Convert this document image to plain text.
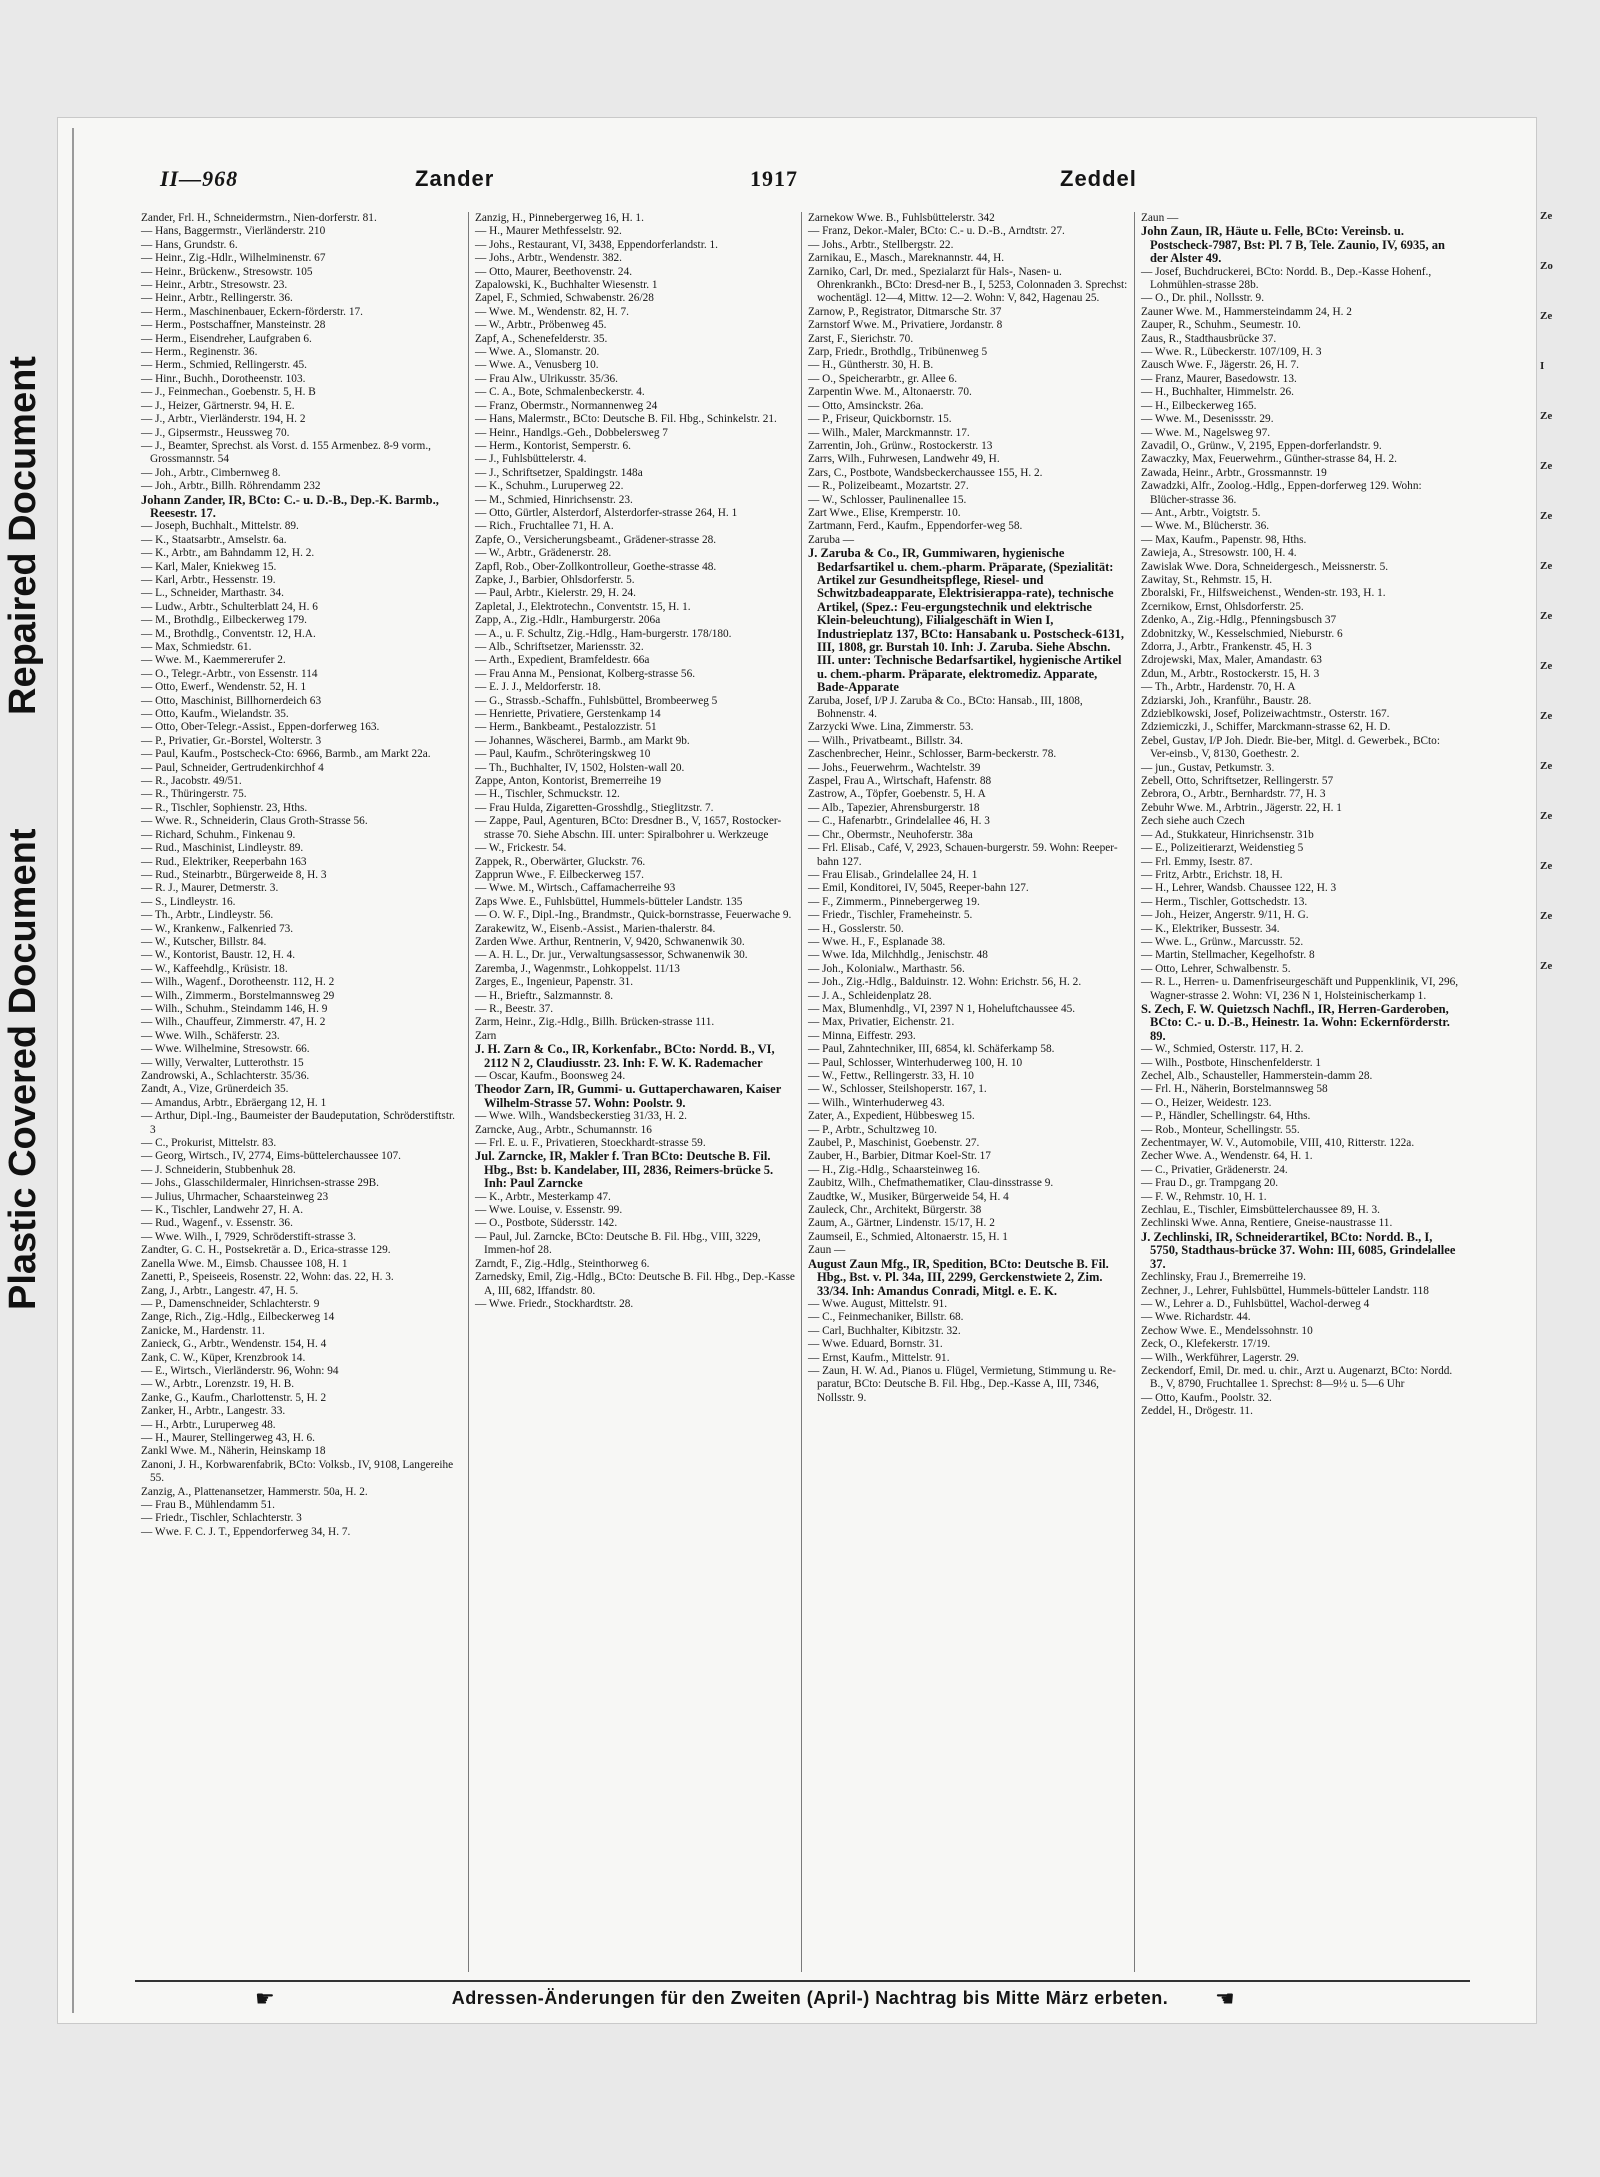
Repaired Document
Plastic Covered Document
II—968	Zander	1917	Zeddel

Zander, Frl. H., Schneidermstrn., Nien-dorferstr. 81.

— Hans, Baggermstr., Vierländerstr. 210

— Hans, Grundstr. 6.

— Heinr., Zig.-Hdlr., Wilhelminenstr. 67

— Heinr., Brückenw., Stresowstr. 105

— Heinr., Arbtr., Stresowstr. 23.

— Heinr., Arbtr., Rellingerstr. 36.

— Herm., Maschinenbauer, Eckern-förderstr. 17.

— Herm., Postschaffner, Mansteinstr. 28

— Herm., Eisendreher, Laufgraben 6.

— Herm., Reginenstr. 36.

— Herm., Schmied, Rellingerstr. 45.

— Hinr., Buchh., Dorotheenstr. 103.

— J., Feinmechan., Goebenstr. 5, H. B

— J., Heizer, Gärtnerstr. 94, H. E.

— J., Arbtr., Vierländerstr. 194, H. 2

— J., Gipsermstr., Heussweg 70.

— J., Beamter, Sprechst. als Vorst. d. 155 Armenbez. 8-9 vorm., Grossmannstr. 54

— Joh., Arbtr., Cimbernweg 8.

— Joh., Arbtr., Billh. Röhrendamm 232

Johann Zander, IR, BCto: C.- u. D.-B., Dep.-K. Barmb., Reesestr. 17.

— Joseph, Buchhalt., Mittelstr. 89.

— K., Staatsarbtr., Amselstr. 6a.

— K., Arbtr., am Bahndamm 12, H. 2.

— Karl, Maler, Kniekweg 15.

— Karl, Arbtr., Hessenstr. 19.

— L., Schneider, Marthastr. 34.

— Ludw., Arbtr., Schulterblatt 24, H. 6

— M., Brothdlg., Eilbeckerweg 179.

— M., Brothdlg., Conventstr. 12, H.A.

— Max, Schmiedstr. 61.

— Wwe. M., Kaemmererufer 2.

— O., Telegr.-Arbtr., von Essenstr. 114

— Otto, Ewerf., Wendenstr. 52, H. 1

— Otto, Maschinist, Billhornerdeich 63

— Otto, Kaufm., Wielandstr. 35.

— Otto, Ober-Telegr.-Assist., Eppen-dorferweg 163.

— P., Privatier, Gr.-Borstel, Wolterstr. 3

— Paul, Kaufm., Postscheck-Cto: 6966, Barmb., am Markt 22a.

— Paul, Schneider, Gertrudenkirchhof 4

— R., Jacobstr. 49/51.

— R., Thüringerstr. 75.

— R., Tischler, Sophienstr. 23, Hths.

— Wwe. R., Schneiderin, Claus Groth-Strasse 56.

— Richard, Schuhm., Finkenau 9.

— Rud., Maschinist, Lindleystr. 89.

— Rud., Elektriker, Reeperbahn 163

— Rud., Steinarbtr., Bürgerweide 8, H. 3

— R. J., Maurer, Detmerstr. 3.

— S., Lindleystr. 16.

— Th., Arbtr., Lindleystr. 56.

— W., Krankenw., Falkenried 73.

— W., Kutscher, Billstr. 84.

— W., Kontorist, Baustr. 12, H. 4.

— W., Kaffeehdlg., Krüsistr. 18.

— Wilh., Wagenf., Dorotheenstr. 112, H. 2

— Wilh., Zimmerm., Borstelmannsweg 29

— Wilh., Schuhm., Steindamm 146, H. 9

— Wilh., Chauffeur, Zimmerstr. 47, H. 2

— Wwe. Wilh., Schäferstr. 23.

— Wwe. Wilhelmine, Stresowstr. 66.

— Willy, Verwalter, Lutterothstr. 15

Zandrowski, A., Schlachterstr. 35/36.

Zandt, A., Vize, Grünerdeich 35.

— Amandus, Arbtr., Ebräergang 12, H. 1

— Arthur, Dipl.-Ing., Baumeister der Baudeputation, Schröderstiftstr. 3

— C., Prokurist, Mittelstr. 83.

— Georg, Wirtsch., IV, 2774, Eims-büttelerchaussee 107.

— J. Schneiderin, Stubbenhuk 28.

— Johs., Glasschildermaler, Hinrichsen-strasse 29B.

— Julius, Uhrmacher, Schaarsteinweg 23

— K., Tischler, Landwehr 27, H. A.

— Rud., Wagenf., v. Essenstr. 36.

— Wwe. Wilh., I, 7929, Schröderstift-strasse 3.

Zandter, G. C. H., Postsekretär a. D., Erica-strasse 129.

Zanella Wwe. M., Eimsb. Chaussee 108, H. 1

Zanetti, P., Speiseeis, Rosenstr. 22, Wohn: das. 22, H. 3.

Zang, J., Arbtr., Langestr. 47, H. 5.

— P., Damenschneider, Schlachterstr. 9

Zange, Rich., Zig.-Hdlg., Eilbeckerweg 14

Zanicke, M., Hardenstr. 11.

Zanieck, G., Arbtr., Wendenstr. 154, H. 4

Zank, C. W., Küper, Krenzbrook 14.

— E., Wirtsch., Vierländerstr. 96, Wohn: 94

— W., Arbtr., Lorenzstr. 19, H. B.

Zanke, G., Kaufm., Charlottenstr. 5, H. 2

Zanker, H., Arbtr., Langestr. 33.

— H., Arbtr., Luruperweg 48.

— H., Maurer, Stellingerweg 43, H. 6.

Zankl Wwe. M., Näherin, Heinskamp 18

Zanoni, J. H., Korbwarenfabrik, BCto: Volksb., IV, 9108, Langereihe 55.

Zanzig, A., Plattenansetzer, Hammerstr. 50a, H. 2.

— Frau B., Mühlendamm 51.

— Friedr., Tischler, Schlachterstr. 3

— Wwe. F. C. J. T., Eppendorferweg 34, H. 7.

Zanzig, H., Pinnebergerweg 16, H. 1.

— H., Maurer Methfesselstr. 92.

— Johs., Restaurant, VI, 3438, Eppendorferlandstr. 1.

— Johs., Arbtr., Wendenstr. 382.

— Otto, Maurer, Beethovenstr. 24.

Zapalowski, K., Buchhalter Wiesenstr. 1

Zapel, F., Schmied, Schwabenstr. 26/28

— Wwe. M., Wendenstr. 82, H. 7.

— W., Arbtr., Pröbenweg 45.

Zapf, A., Schenefelderstr. 35.

— Wwe. A., Slomanstr. 20.

— Wwe. A., Venusberg 10.

— Frau Alw., Ulrikusstr. 35/36.

— C. A., Bote, Schmalenbeckerstr. 4.

— Franz, Obermstr., Normannenweg 24

— Hans, Malermstr., BCto: Deutsche B. Fil. Hbg., Schinkelstr. 21.

— Heinr., Handlgs.-Geh., Dobbelersweg 7

— Herm., Kontorist, Semperstr. 6.

— J., Fuhlsbüttelerstr. 4.

— J., Schriftsetzer, Spaldingstr. 148a

— K., Schuhm., Luruperweg 22.

— M., Schmied, Hinrichsenstr. 23.

— Otto, Gürtler, Alsterdorf, Alsterdorfer-strasse 264, H. 1

— Rich., Fruchtallee 71, H. A.

Zapfe, O., Versicherungsbeamt., Grädener-strasse 28.

— W., Arbtr., Grädenerstr. 28.

Zapfl, Rob., Ober-Zollkontrolleur, Goethe-strasse 48.

Zapke, J., Barbier, Ohlsdorferstr. 5.

— Paul, Arbtr., Kielerstr. 29, H. 24.

Zapletal, J., Elektrotechn., Conventstr. 15, H. 1.

Zapp, A., Zig.-Hdlr., Hamburgerstr. 206a

— A., u. F. Schultz, Zig.-Hdlg., Ham-burgerstr. 178/180.

— Alb., Schriftsetzer, Mariensstr. 32.

— Arth., Expedient, Bramfeldestr. 66a

— Frau Anna M., Pensionat, Kolberg-strasse 56.

— E. J. J., Meldorferstr. 18.

— G., Strassb.-Schaffn., Fuhlsbüttel, Brombeerweg 5

— Henriette, Privatiere, Gerstenkamp 14

— Herm., Bankbeamt., Pestalozzistr. 51

— Johannes, Wäscherei, Barmb., am Markt 9b.

— Paul, Kaufm., Schröteringskweg 10

— Th., Buchhalter, IV, 1502, Holsten-wall 20.

Zappe, Anton, Kontorist, Bremerreihe 19

— H., Tischler, Schmuckstr. 12.

— Frau Hulda, Zigaretten-Grosshdlg., Stieglitzstr. 7.

— Zappe, Paul, Agenturen, BCto: Dresdner B., V, 1657, Rostocker-strasse 70. Siehe Abschn. III. unter: Spiralbohrer u. Werkzeuge

— W., Frickestr. 54.

Zappek, R., Oberwärter, Gluckstr. 76.

Zapprun Wwe., F. Eilbeckerweg 157.

— Wwe. M., Wirtsch., Caffamacherreihe 93

Zaps Wwe. E., Fuhlsbüttel, Hummels-bütteler Landstr. 135

— O. W. F., Dipl.-Ing., Brandmstr., Quick-bornstrasse, Feuerwache 9.

Zarakewitz, W., Eisenb.-Assist., Marien-thalerstr. 84.

Zarden Wwe. Arthur, Rentnerin, V, 9420, Schwanenwik 30.

— A. H. L., Dr. jur., Verwaltungsassessor, Schwanenwik 30.

Zaremba, J., Wagenmstr., Lohkoppelst. 11/13

Zarges, E., Ingenieur, Papenstr. 31.

— H., Brieftr., Salzmannstr. 8.

— R., Beestr. 37.

Zarm, Heinr., Zig.-Hdlg., Billh. Brücken-strasse 111.

Zarn

J. H. Zarn & Co., IR, Korkenfabr., BCto: Nordd. B., VI, 2112 N 2, Claudiusstr. 23. Inh: F. W. K. Rademacher

— Oscar, Kaufm., Boonsweg 24.

Theodor Zarn, IR, Gummi- u. Guttaperchawaren, Kaiser Wilhelm-Strasse 57. Wohn: Poolstr. 9.

— Wwe. Wilh., Wandsbeckerstieg 31/33, H. 2.

Zarncke, Aug., Arbtr., Schumannstr. 16

— Frl. E. u. F., Privatieren, Stoeckhardt-strasse 59.

Jul. Zarncke, IR, Makler f. Tran BCto: Deutsche B. Fil. Hbg., Bst: b. Kandelaber, III, 2836, Reimers-brücke 5. Inh: Paul Zarncke

— K., Arbtr., Mesterkamp 47.

— Wwe. Louise, v. Essenstr. 99.

— O., Postbote, Südersstr. 142.

— Paul, Jul. Zarncke, BCto: Deutsche B. Fil. Hbg., VIII, 3229, Immen-hof 28.

Zarndt, F., Zig.-Hdlg., Steinthorweg 6.

Zarnedsky, Emil, Zig.-Hdlg., BCto: Deutsche B. Fil. Hbg., Dep.-Kasse A, III, 682, Iffandstr. 80.

— Wwe. Friedr., Stockhardtstr. 28.

Zarnekow Wwe. B., Fuhlsbüttelerstr. 342

— Franz, Dekor.-Maler, BCto: C.- u. D.-B., Arndtstr. 27.

— Johs., Arbtr., Stellbergstr. 22.

Zarnikau, E., Masch., Mareknannstr. 44, H.

Zarniko, Carl, Dr. med., Spezialarzt für Hals-, Nasen- u. Ohrenkrankh., BCto: Dresd-ner B., I, 5253, Colonnaden 3. Sprechst: wochentägl. 12—4, Mittw. 12—2. Wohn: V, 842, Hagenau 25.

Zarnow, P., Registrator, Ditmarsche Str. 37

Zarnstorf Wwe. M., Privatiere, Jordanstr. 8

Zarst, F., Sierichstr. 70.

Zarp, Friedr., Brothdlg., Tribünenweg 5

— H., Güntherstr. 30, H. B.

— O., Speicherarbtr., gr. Allee 6.

Zarpentin Wwe. M., Altonaerstr. 70.

— Otto, Amsinckstr. 26a.

— P., Friseur, Quickbornstr. 15.

— Wilh., Maler, Marckmannstr. 17.

Zarrentin, Joh., Grünw., Rostockerstr. 13

Zarrs, Wilh., Fuhrwesen, Landwehr 49, H.

Zars, C., Postbote, Wandsbeckerchaussee 155, H. 2.

— R., Polizeibeamt., Mozartstr. 27.

— W., Schlosser, Paulinenallee 15.

Zart Wwe., Elise, Kremperstr. 10.

Zartmann, Ferd., Kaufm., Eppendorfer-weg 58.

Zaruba —

J. Zaruba & Co., IR, Gummiwaren, hygienische Bedarfsartikel u. chem.-pharm. Präparate, (Spezialität: Artikel zur Gesundheitspflege, Riesel- und Schwitzbadeapparate, Elektrisierappa-rate), technische Artikel, (Spez.: Feu-ergungstechnik und elektrische Klein-beleuchtung), Filialgeschäft in Wien I, Industrieplatz 137, BCto: Hansabank u. Postscheck-6131, III, 1808, gr. Burstah 10. Inh: J. Zaruba. Siehe Abschn. III. unter: Technische Bedarfsartikel, hygienische Artikel u. chem.-pharm. Präparate, elektromediz. Apparate, Bade-Apparate

Zaruba, Josef, I/P J. Zaruba & Co., BCto: Hansab., III, 1808, Bohnenstr. 4.

Zarzycki Wwe. Lina, Zimmerstr. 53.

— Wilh., Privatbeamt., Billstr. 34.

Zaschenbrecher, Heinr., Schlosser, Barm-beckerstr. 78.

— Johs., Feuerwehrm., Wachtelstr. 39

Zaspel, Frau A., Wirtschaft, Hafenstr. 88

Zastrow, A., Töpfer, Goebenstr. 5, H. A

— Alb., Tapezier, Ahrensburgerstr. 18

— C., Hafenarbtr., Grindelallee 46, H. 3

— Chr., Obermstr., Neuhoferstr. 38a

— Frl. Elisab., Café, V, 2923, Schauen-burgerstr. 59. Wohn: Reeper-bahn 127.

— Frau Elisab., Grindelallee 24, H. 1

— Emil, Konditorei, IV, 5045, Reeper-bahn 127.

— F., Zimmerm., Pinnebergerweg 19.

— Friedr., Tischler, Frameheinstr. 5.

— H., Gosslerstr. 50.

— Wwe. H., F., Esplanade 38.

— Wwe. Ida, Milchhdlg., Jenischstr. 48

— Joh., Kolonialw., Marthastr. 56.

— Joh., Zig.-Hdlg., Balduinstr. 12. Wohn: Erichstr. 56, H. 2.

— J. A., Schleidenplatz 28.

— Max, Blumenhdlg., VI, 2397 N 1, Hoheluftchaussee 45.

— Max, Privatier, Eichenstr. 21.

— Minna, Eiffestr. 293.

— Paul, Zahntechniker, III, 6854, kl. Schäferkamp 58.

— Paul, Schlosser, Winterhuderweg 100, H. 10

— W., Fettw., Rellingerstr. 33, H. 10

— W., Schlosser, Steilshoperstr. 167, 1.

— Wilh., Winterhuderweg 43.

Zater, A., Expedient, Hübbesweg 15.

— P., Arbtr., Schultzweg 10.

Zaubel, P., Maschinist, Goebenstr. 27.

Zauber, H., Barbier, Ditmar Koel-Str. 17

— H., Zig.-Hdlg., Schaarsteinweg 16.

Zaubitz, Wilh., Chefmathematiker, Clau-dinsstrasse 9.

Zaudtke, W., Musiker, Bürgerweide 54, H. 4

Zauleck, Chr., Architekt, Bürgerstr. 38

Zaum, A., Gärtner, Lindenstr. 15/17, H. 2

Zaumseil, E., Schmied, Altonaerstr. 15, H. 1

Zaun —

August Zaun Mfg., IR, Spedition, BCto: Deutsche B. Fil. Hbg., Bst. v. Pl. 34a, III, 2299, Gerckenstwiete 2, Zim. 33/34. Inh: Amandus Conradi, Mitgl. e. E. K.

— Wwe. August, Mittelstr. 91.

— C., Feinmechaniker, Billstr. 68.

— Carl, Buchhalter, Kibitzstr. 32.

— Wwe. Eduard, Bornstr. 31.

— Ernst, Kaufm., Mittelstr. 91.

— Zaun, H. W. Ad., Pianos u. Flügel, Vermietung, Stimmung u. Re-paratur, BCto: Deutsche B. Fil. Hbg., Dep.-Kasse A, III, 7346, Nollsstr. 9.

Zaun —

John Zaun, IR, Häute u. Felle, BCto: Vereinsb. u. Postscheck-7987, Bst: Pl. 7 B, Tele. Zaunio, IV, 6935, an der Alster 49.

— Josef, Buchdruckerei, BCto: Nordd. B., Dep.-Kasse Hohenf., Lohmühlen-strasse 28b.

— O., Dr. phil., Nollsstr. 9.

Zauner Wwe. M., Hammersteindamm 24, H. 2

Zauper, R., Schuhm., Seumestr. 10.

Zaus, R., Stadthausbrücke 37.

— Wwe. R., Lübeckerstr. 107/109, H. 3

Zausch Wwe. F., Jägerstr. 26, H. 7.

— Franz, Maurer, Basedowstr. 13.

— H., Buchhalter, Himmelstr. 26.

— H., Eilbeckerweg 165.

— Wwe. M., Desenissstr. 29.

— Wwe. M., Nagelsweg 97.

Zavadil, O., Grünw., V, 2195, Eppen-dorferlandstr. 9.

Zawaczky, Max, Feuerwehrm., Günther-strasse 84, H. 2.

Zawada, Heinr., Arbtr., Grossmannstr. 19

Zawadzki, Alfr., Zoolog.-Hdlg., Eppen-dorferweg 129. Wohn: Blücher-strasse 36.

— Ant., Arbtr., Voigtstr. 5.

— Wwe. M., Blücherstr. 36.

— Max, Kaufm., Papenstr. 98, Hths.

Zawieja, A., Stresowstr. 100, H. 4.

Zawislak Wwe. Dora, Schneidergesch., Meissnerstr. 5.

Zawitay, St., Rehmstr. 15, H.

Zboralski, Fr., Hilfsweichenst., Wenden-str. 193, H. 1.

Zcernikow, Ernst, Ohlsdorferstr. 25.

Zdenko, A., Zig.-Hdlg., Pfenningsbusch 37

Zdobnitzky, W., Kesselschmied, Nieburstr. 6

Zdorra, J., Arbtr., Frankenstr. 45, H. 3

Zdrojewski, Max, Maler, Amandastr. 63

Zdun, M., Arbtr., Rostockerstr. 15, H. 3

— Th., Arbtr., Hardenstr. 70, H. A

Zdziarski, Joh., Kranführ., Baustr. 28.

Zdzieblkowski, Josef, Polizeiwachtmstr., Osterstr. 167.

Zdziemiczki, J., Schiffer, Marckmann-strasse 62, H. D.

Zebel, Gustav, I/P Joh. Diedr. Bie-ber, Mitgl. d. Gewerbek., BCto: Ver-einsb., V, 8130, Goethestr. 2.

— jun., Gustav, Petkumstr. 3.

Zebell, Otto, Schriftsetzer, Rellingerstr. 57

Zebrora, O., Arbtr., Bernhardstr. 77, H. 3

Zebuhr Wwe. M., Arbtrin., Jägerstr. 22, H. 1

Zech siehe auch Czech

— Ad., Stukkateur, Hinrichsenstr. 31b

— E., Polizeitierarzt, Weidenstieg 5

— Frl. Emmy, Isestr. 87.

— Fritz, Arbtr., Erichstr. 18, H.

— H., Lehrer, Wandsb. Chaussee 122, H. 3

— Herm., Tischler, Gottschedstr. 13.

— Joh., Heizer, Angerstr. 9/11, H. G.

— K., Elektriker, Bussestr. 34.

— Wwe. L., Grünw., Marcusstr. 52.

— Martin, Stellmacher, Kegelhofstr. 8

— Otto, Lehrer, Schwalbenstr. 5.

— R. L., Herren- u. Damenfriseurgeschäft und Puppenklinik, VI, 296, Wagner-strasse 2. Wohn: VI, 236 N 1, Holsteinischerkamp 1.

S. Zech, F. W. Quietzsch Nachfl., IR, Herren-Garderoben, BCto: C.- u. D.-B., Heinestr. 1a. Wohn: Eckernförderstr. 89.

— W., Schmied, Osterstr. 117, H. 2.

— Wilh., Postbote, Hinschenfelderstr. 1

Zechel, Alb., Schausteller, Hammerstein-damm 28.

— Frl. H., Näherin, Borstelmannsweg 58

— O., Heizer, Weidestr. 123.

— P., Händler, Schellingstr. 64, Hths.

— Rob., Monteur, Schellingstr. 55.

Zechentmayer, W. V., Automobile, VIII, 410, Ritterstr. 122a.

Zecher Wwe. A., Wendenstr. 64, H. 1.

— C., Privatier, Grädenerstr. 24.

— Frau D., gr. Trampgang 20.

— F. W., Rehmstr. 10, H. 1.

Zechlau, E., Tischler, Eimsbüttelerchaussee 89, H. 3.

Zechlinski Wwe. Anna, Rentiere, Gneise-naustrasse 11.

J. Zechlinski, IR, Schneiderartikel, BCto: Nordd. B., I, 5750, Stadthaus-brücke 37. Wohn: III, 6085, Grindelallee 37.

Zechlinsky, Frau J., Bremerreihe 19.

Zechner, J., Lehrer, Fuhlsbüttel, Hummels-bütteler Landstr. 118

— W., Lehrer a. D., Fuhlsbüttel, Wachol-derweg 4

— Wwe. Richardstr. 44.

Zechow Wwe. E., Mendelssohnstr. 10

Zeck, O., Klefekerstr. 17/19.

— Wilh., Werkführer, Lagerstr. 29.

Zeckendorf, Emil, Dr. med. u. chir., Arzt u. Augenarzt, BCto: Nordd. B., V, 8790, Fruchtallee 1. Sprechst: 8—9½ u. 5—6 Uhr

— Otto, Kaufm., Poolstr. 32.

Zeddel, H., Drögestr. 11.

Ze
Zo
Ze
I
Ze
Ze
Ze
Ze
Ze
Ze
Ze
Ze
Ze
Ze
Ze
Ze
☛	Adressen-Änderungen für den Zweiten (April-) Nachtrag bis Mitte März erbeten.	☛
